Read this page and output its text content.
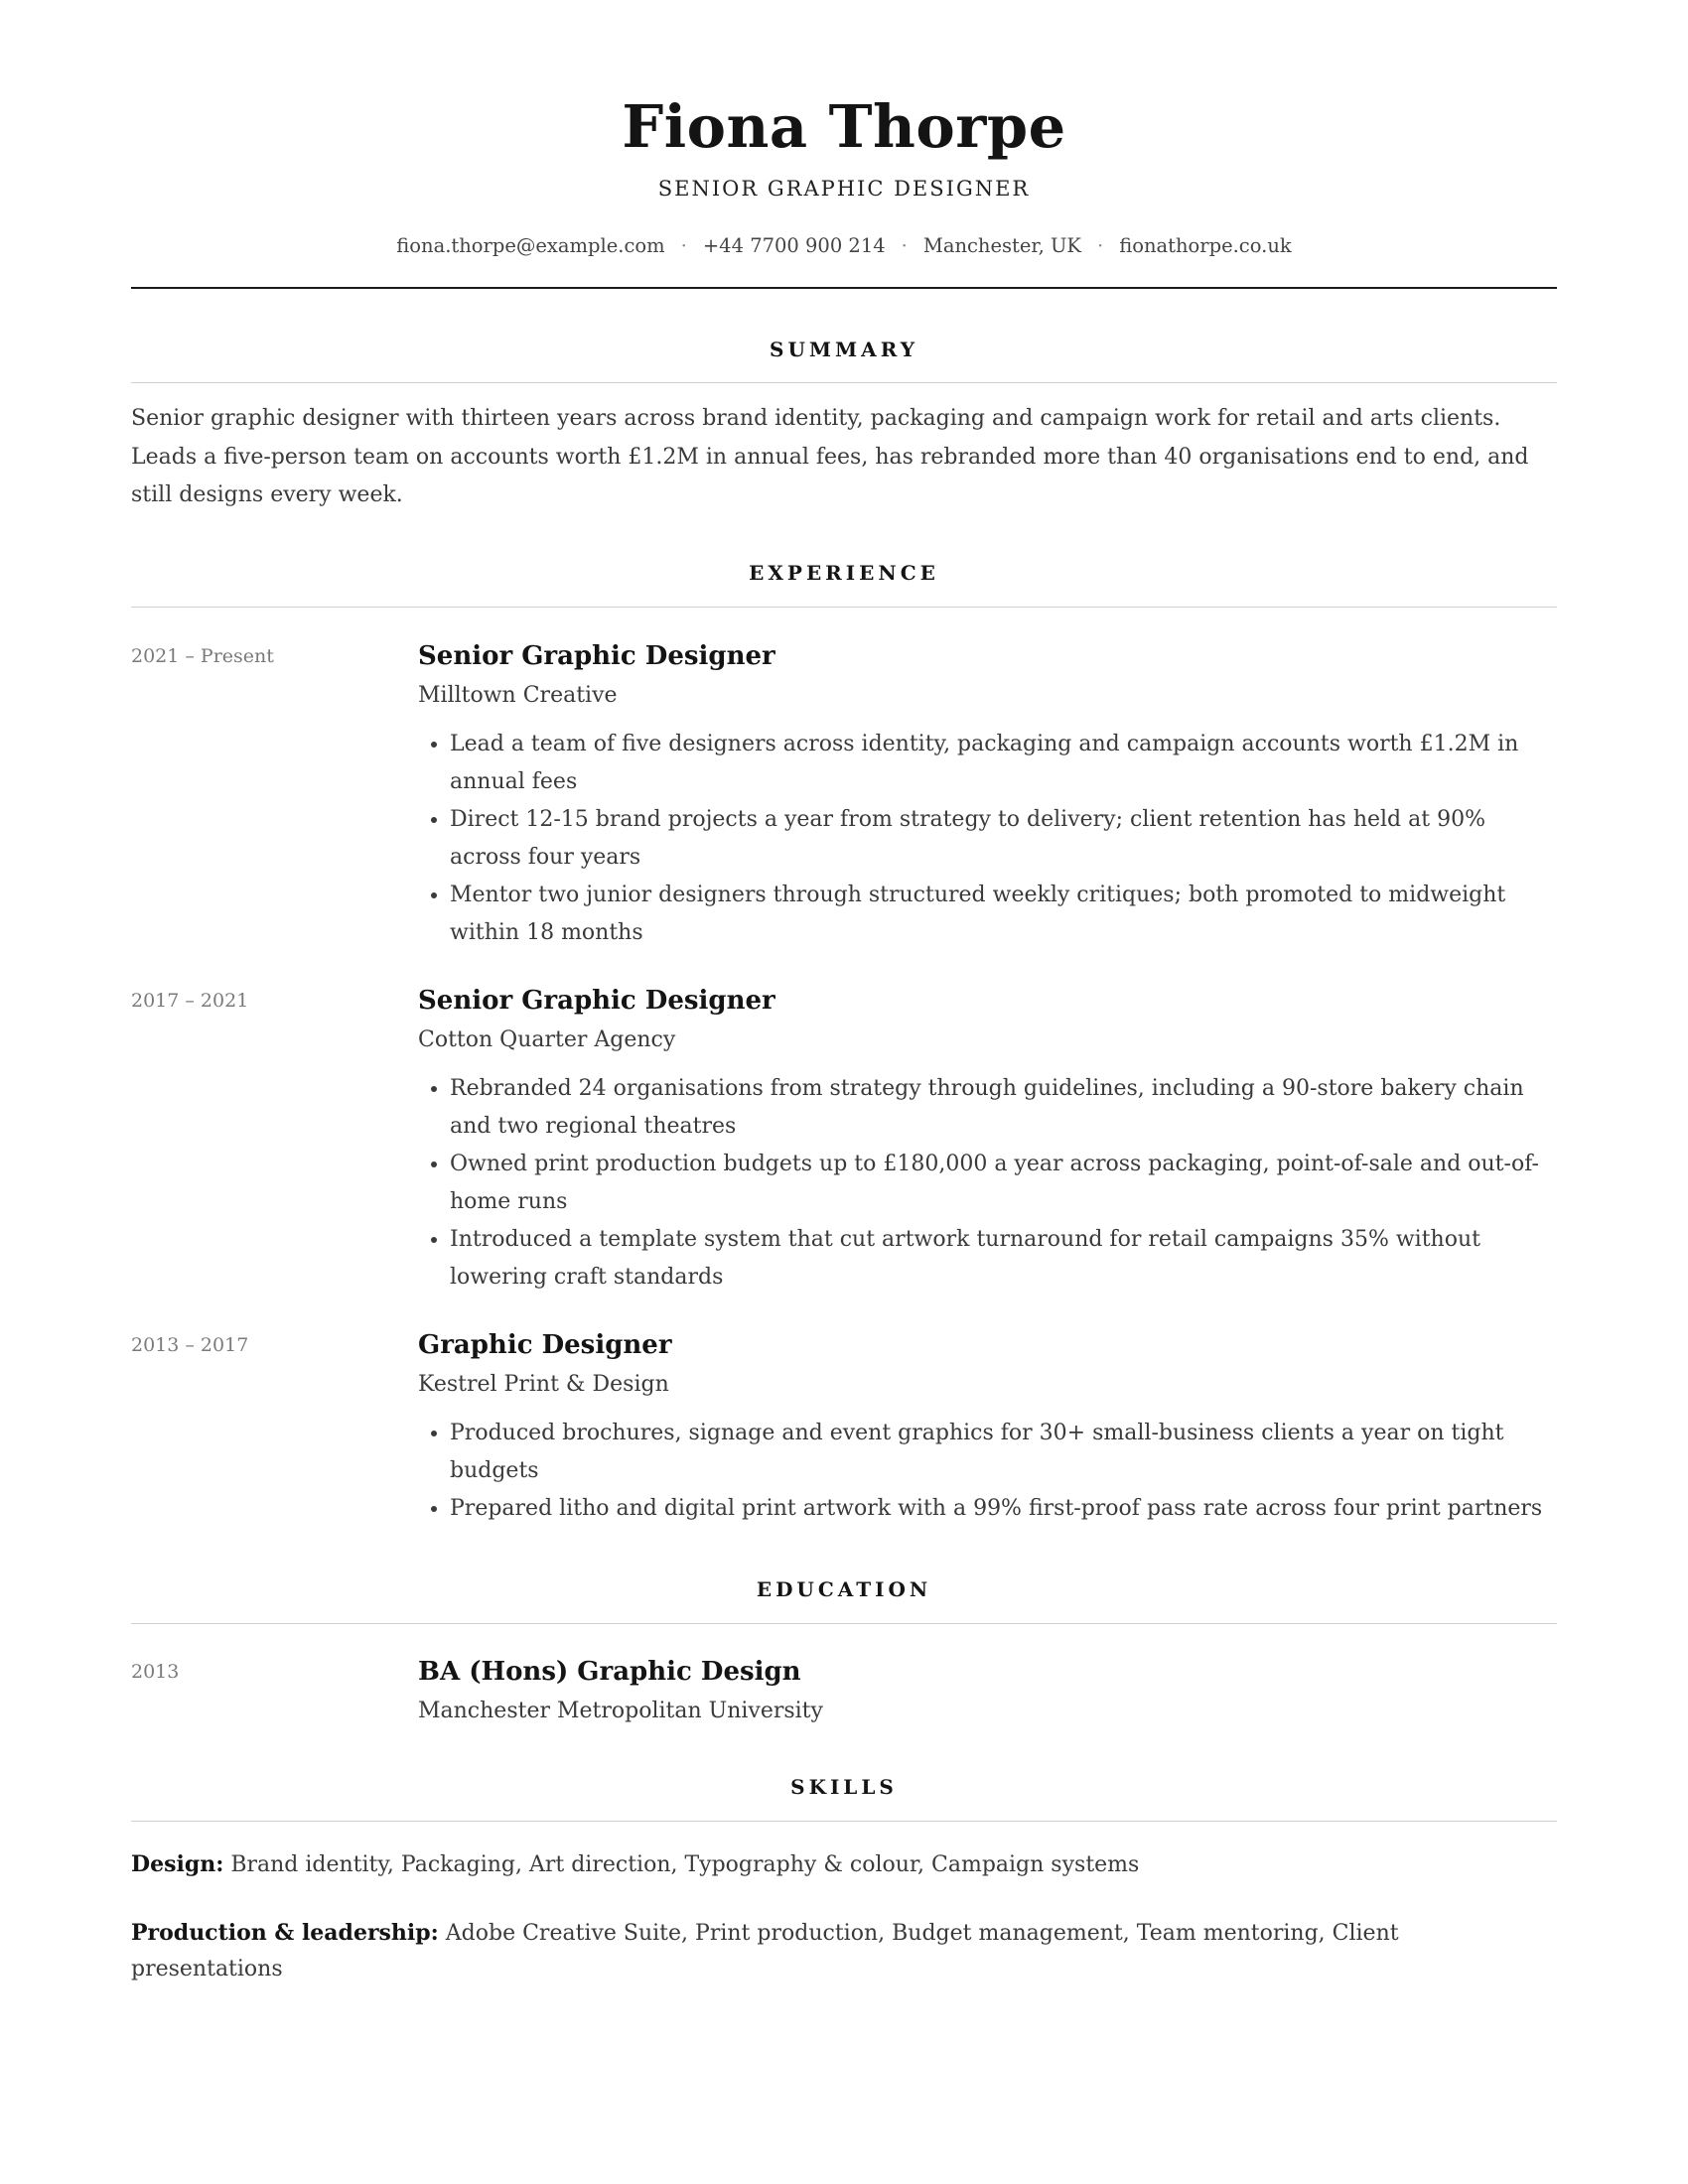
Fiona Thorpe
SENIOR GRAPHIC DESIGNER
fiona.thorpe@example.com · +44 7700 900 214 · Manchester, UK · fionathorpe.co.uk
SUMMARY

Senior graphic designer with thirteen years across brand identity, packaging and campaign work for retail and arts clients. Leads a five-person team on accounts worth £1.2M in annual fees, has rebranded more than 40 organisations end to end, and still designs every week.

EXPERIENCE
2021 – Present	Senior Graphic Designer
Milltown Creative
• Lead a team of five designers across identity, packaging and campaign accounts worth £1.2M in annual fees
• Direct 12-15 brand projects a year from strategy to delivery; client retention has held at 90% across four years
• Mentor two junior designers through structured weekly critiques; both promoted to midweight within 18 months
2017 – 2021	Senior Graphic Designer
Cotton Quarter Agency
• Rebranded 24 organisations from strategy through guidelines, including a 90-store bakery chain and two regional theatres
• Owned print production budgets up to £180,000 a year across packaging, point-of-sale and out-of-home runs
• Introduced a template system that cut artwork turnaround for retail campaigns 35% without lowering craft standards
2013 – 2017	Graphic Designer
Kestrel Print & Design
• Produced brochures, signage and event graphics for 30+ small-business clients a year on tight budgets
• Prepared litho and digital print artwork with a 99% first-proof pass rate across four print partners
EDUCATION
2013	BA (Hons) Graphic Design
Manchester Metropolitan University
SKILLS
Design: Brand identity, Packaging, Art direction, Typography & colour, Campaign systems
Production & leadership: Adobe Creative Suite, Print production, Budget management, Team mentoring, Client presentations
